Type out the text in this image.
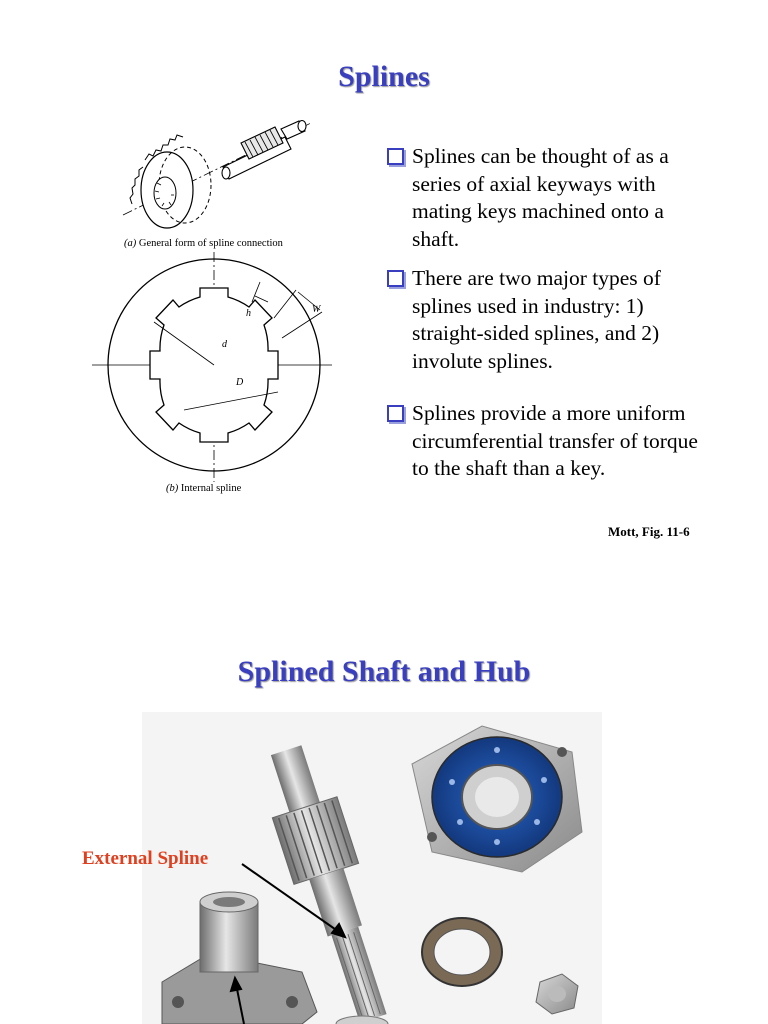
Splines
(a) General form of spline connection
h	W
d
D
(b) Internal spline
Splines can be thought of as a series of axial keyways with mating keys machined onto a shaft.
There are two major types of splines used in industry: 1) straight-sided splines, and 2) involute splines.
Splines provide a more uniform circumferential transfer of torque to the shaft than a key.
Mott, Fig. 11-6
Splined Shaft and Hub
External Spline
